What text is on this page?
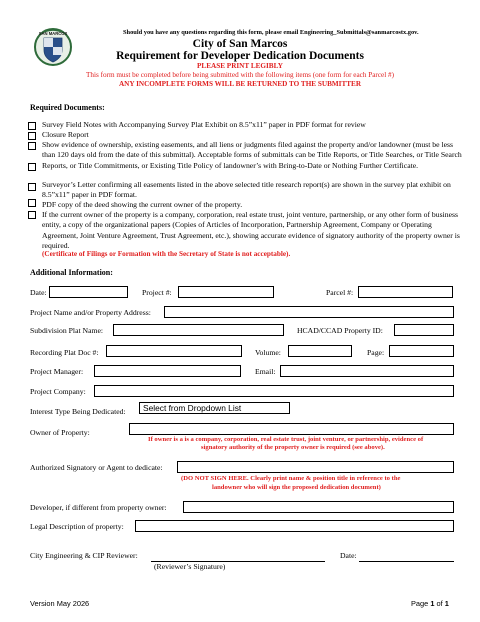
SAN MARCOS	Should you have any questions regarding this form, please email Engineering_Submittals@sanmarcostx.gov.
City of San Marcos
Requirement for Developer Dedication Documents
PLEASE PRINT LEGIBLY
This form must be completed before being submitted with the following items (one form for each Parcel #)
ANY INCOMPLETE FORMS WILL BE RETURNED TO THE SUBMITTER
Required Documents:
Survey Field Notes with Accompanying Survey Plat Exhibit on 8.5”x11” paper in PDF format for review
Closure Report
Show evidence of ownership, existing easements, and all liens or judgments filed against the property and/or landowner (must be less than 120 days old from the date of this submittal). Acceptable forms of submittals can be Title Reports, or Title Searches, or Title Search Reports, or Title Commitments, or Existing Title Policy of landowner’s with Bring-to-Date or Nothing Further Certificate.
Surveyor’s Letter confirming all easements listed in the above selected title research report(s) are shown in the survey plat exhibit on 8.5”x11” paper in PDF format.
PDF copy of the deed showing the current owner of the property.
If the current owner of the property is a company, corporation, real estate trust, joint venture, partnership, or any other form of business entity, a copy of the organizational papers (Copies of Articles of Incorporation, Partnership Agreement, Company or Operating Agreement, Joint Venture Agreement, Trust Agreement, etc.), showing accurate evidence of signatory authority of the property owner is required.
(Certificate of Filings or Formation with the Secretary of State is not acceptable).
Additional Information:
Date:	Project #:	Parcel #:
Project Name and/or Property Address:
Subdivision Plat Name:	HCAD/CCAD Property ID:
Recording Plat Doc #:	Volume:	Page:
Project Manager:	Email:
Project Company:
Interest Type Being Dedicated:	Select from Dropdown List
Owner of Property:
If owner is a is a company, corporation, real estate trust, joint venture, or partnership, evidence of
signatory authority of the property owner is required (see above).
Authorized Signatory or Agent to dedicate:
(DO NOT SIGN HERE. Clearly print name & position title in reference to the
landowner who will sign the proposed dedication document)
Developer, if different from property owner:
Legal Description of property:
City Engineering & CIP Reviewer:
(Reviewer’s Signature)
Date:
Version May 2026	Page 1 of 1
